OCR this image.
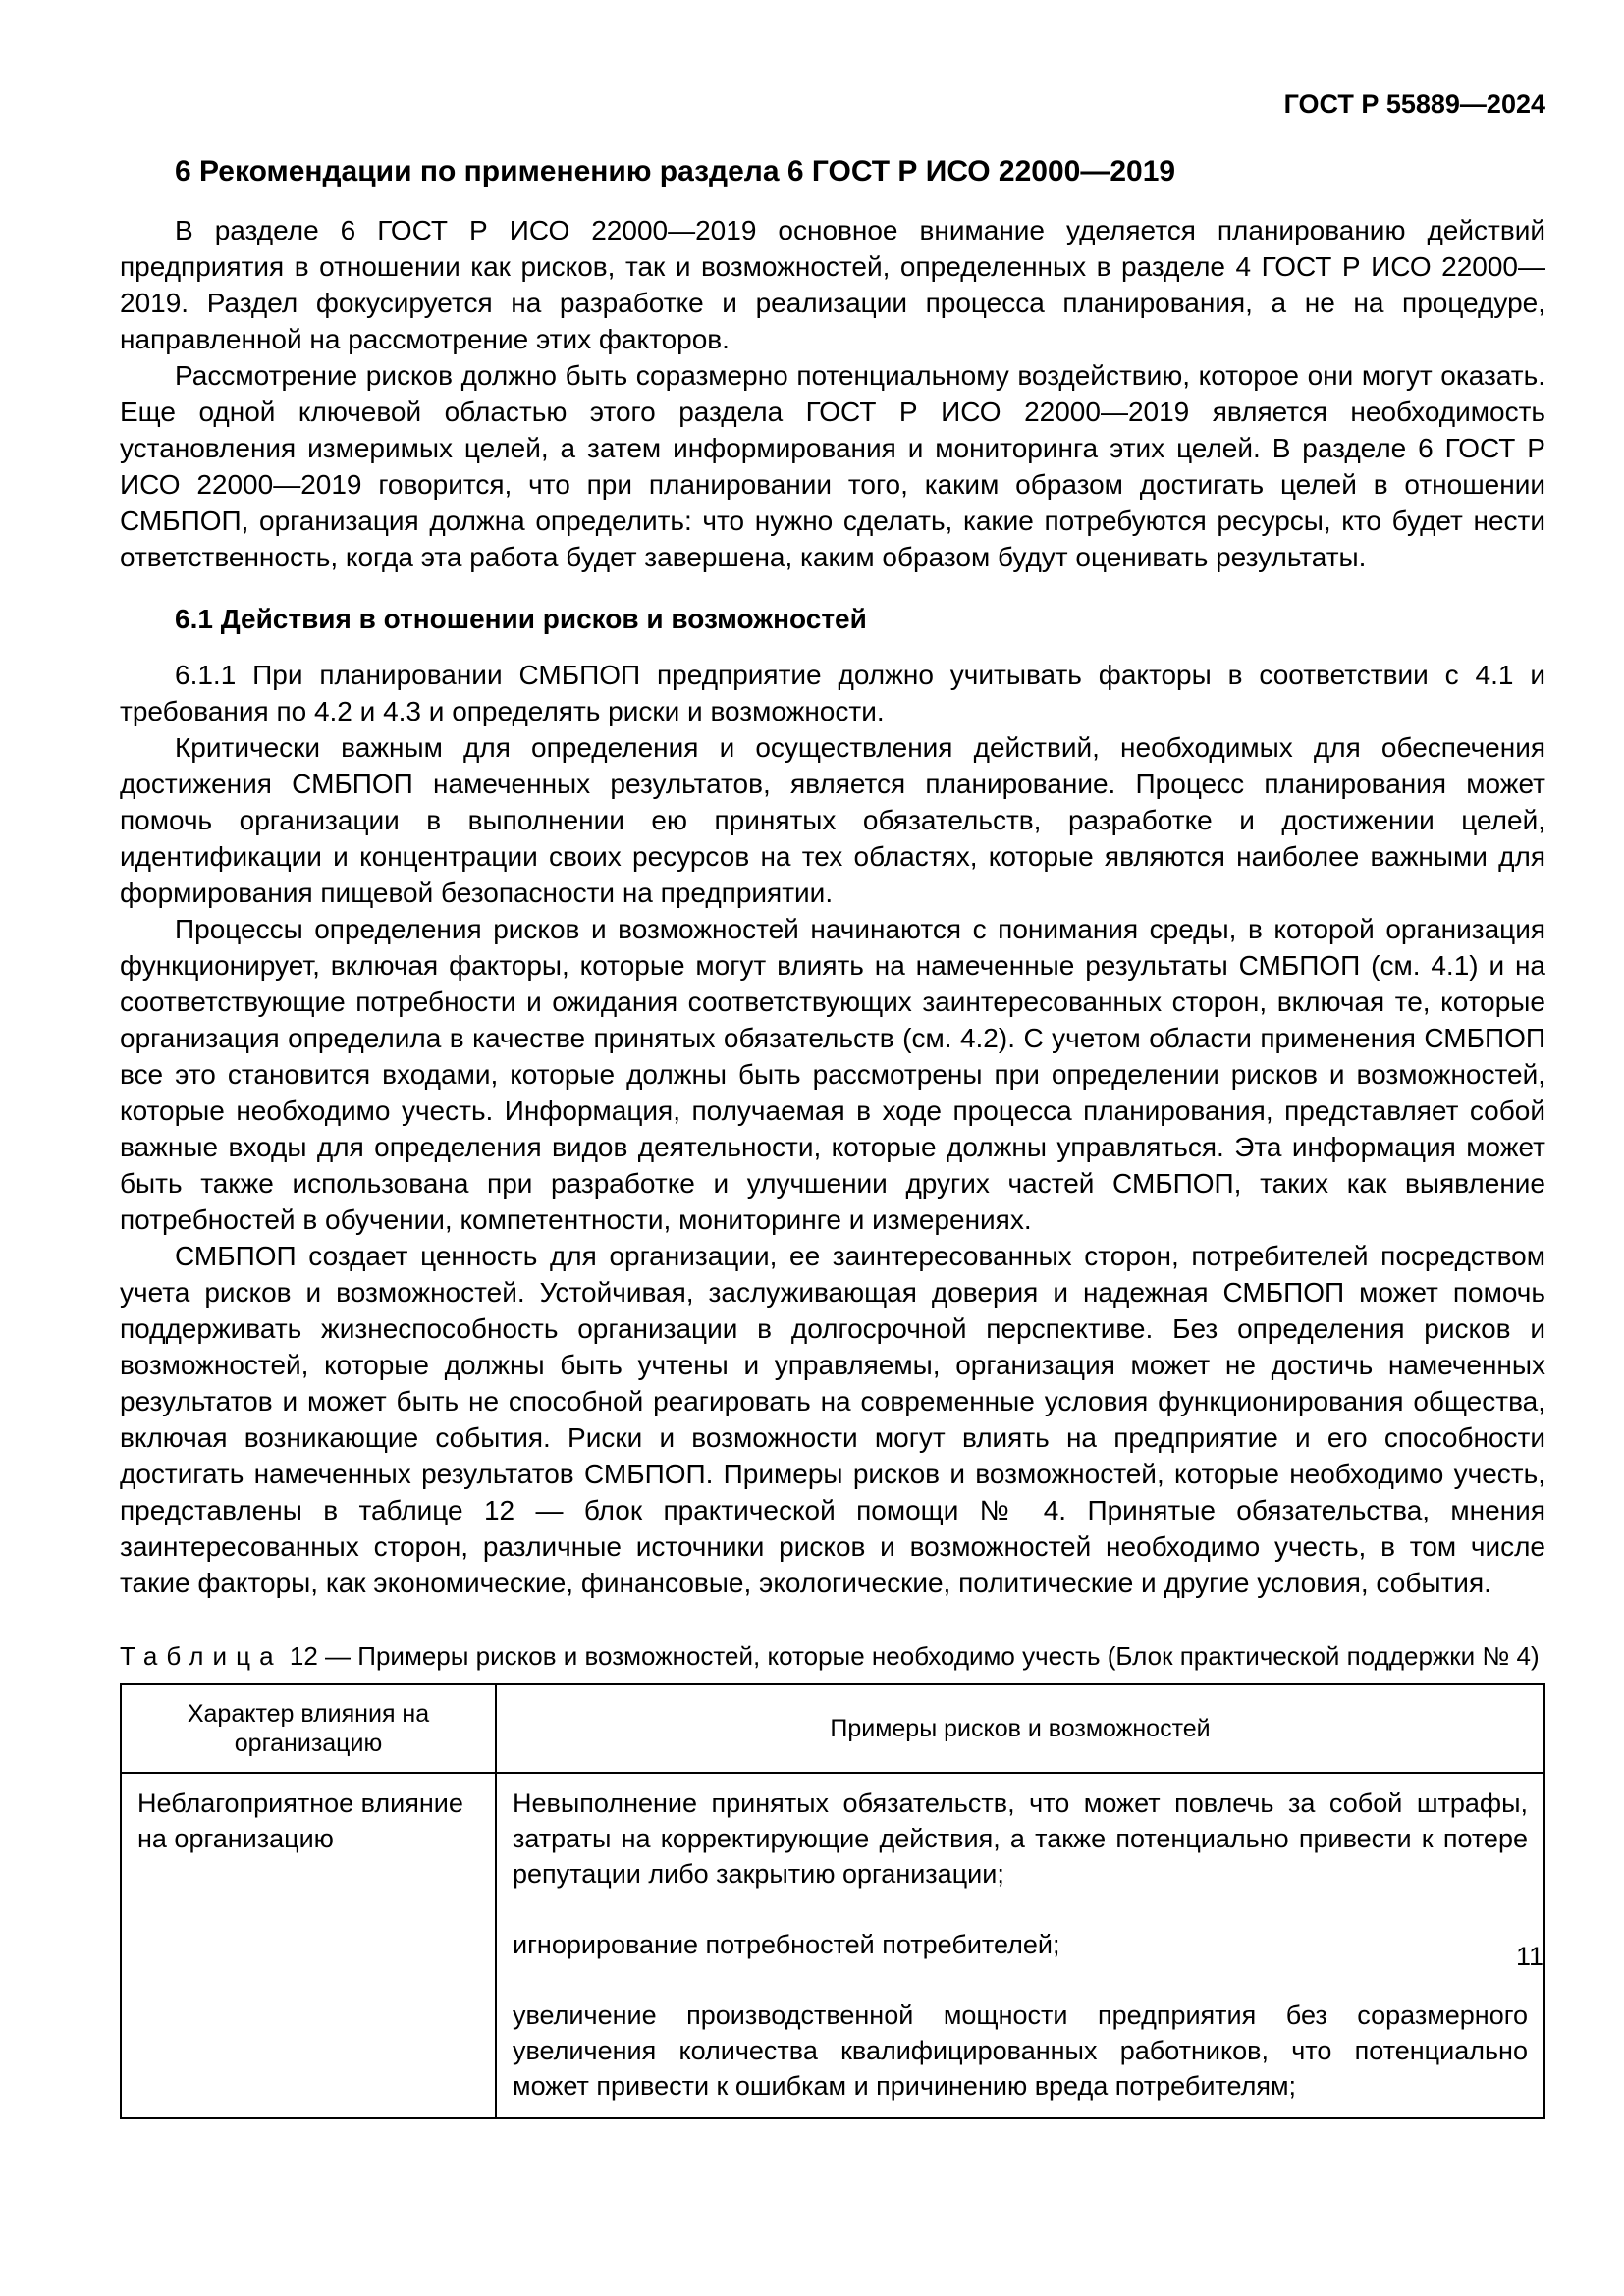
ГОСТ Р 55889—2024
6 Рекомендации по применению раздела 6 ГОСТ Р ИСО 22000—2019

В разделе 6 ГОСТ Р ИСО 22000—2019 основное внимание уделяется планированию действий предприятия в отношении как рисков, так и возможностей, определенных в разделе 4 ГОСТ Р ИСО 22000—2019. Раздел фокусируется на разработке и реализации процесса планирования, а не на процедуре, направленной на рассмотрение этих факторов.

Рассмотрение рисков должно быть соразмерно потенциальному воздействию, которое они могут оказать. Еще одной ключевой областью этого раздела ГОСТ Р ИСО 22000—2019 является необходимость установления измеримых целей, а затем информирования и мониторинга этих целей. В разделе 6 ГОСТ Р ИСО 22000—2019 говорится, что при планировании того, каким образом достигать целей в отношении СМБПОП, организация должна определить: что нужно сделать, какие потребуются ресурсы, кто будет нести ответственность, когда эта работа будет завершена, каким образом будут оценивать результаты.

6.1 Действия в отношении рисков и возможностей

6.1.1 При планировании СМБПОП предприятие должно учитывать факторы в соответствии с 4.1 и требования по 4.2 и 4.3 и определять риски и возможности.

Критически важным для определения и осуществления действий, необходимых для обеспечения достижения СМБПОП намеченных результатов, является планирование. Процесс планирования может помочь организации в выполнении ею принятых обязательств, разработке и достижении целей, идентификации и концентрации своих ресурсов на тех областях, которые являются наиболее важными для формирования пищевой безопасности на предприятии.

Процессы определения рисков и возможностей начинаются с понимания среды, в которой организация функционирует, включая факторы, которые могут влиять на намеченные результаты СМБПОП (см. 4.1) и на соответствующие потребности и ожидания соответствующих заинтересованных сторон, включая те, которые организация определила в качестве принятых обязательств (см. 4.2). С учетом области применения СМБПОП все это становится входами, которые должны быть рассмотрены при определении рисков и возможностей, которые необходимо учесть. Информация, получаемая в ходе процесса планирования, представляет собой важные входы для определения видов деятельности, которые должны управляться. Эта информация может быть также использована при разработке и улучшении других частей СМБПОП, таких как выявление потребностей в обучении, компетентности, мониторинге и измерениях.

СМБПОП создает ценность для организации, ее заинтересованных сторон, потребителей посредством учета рисков и возможностей. Устойчивая, заслуживающая доверия и надежная СМБПОП может помочь поддерживать жизнеспособность организации в долгосрочной перспективе. Без определения рисков и возможностей, которые должны быть учтены и управляемы, организация может не достичь намеченных результатов и может быть не способной реагировать на современные условия функционирования общества, включая возникающие события. Риски и возможности могут влиять на предприятие и его способности достигать намеченных результатов СМБПОП. Примеры рисков и возможностей, которые необходимо учесть, представлены в таблице 12 — блок практической помощи № 4. Принятые обязательства, мнения заинтересованных сторон, различные источники рисков и возможностей необходимо учесть, в том числе такие факторы, как экономические, финансовые, экологические, политические и другие условия, события.

Таблица 12 — Примеры рисков и возможностей, которые необходимо учесть (Блок практической поддержки № 4)

Характер влияния на организацию	Примеры рисков и возможностей
Неблагоприятное влияние на организацию	Невыполнение принятых обязательств, что может повлечь за собой штрафы, затраты на корректирующие действия, а также потенциально привести к потере репутации либо закрытию организации;

игнорирование потребностей потребителей;

увеличение производственной мощности предприятия без соразмерного увеличения количества квалифицированных работников, что потенциально может привести к ошибкам и причинению вреда потребителям;

11
